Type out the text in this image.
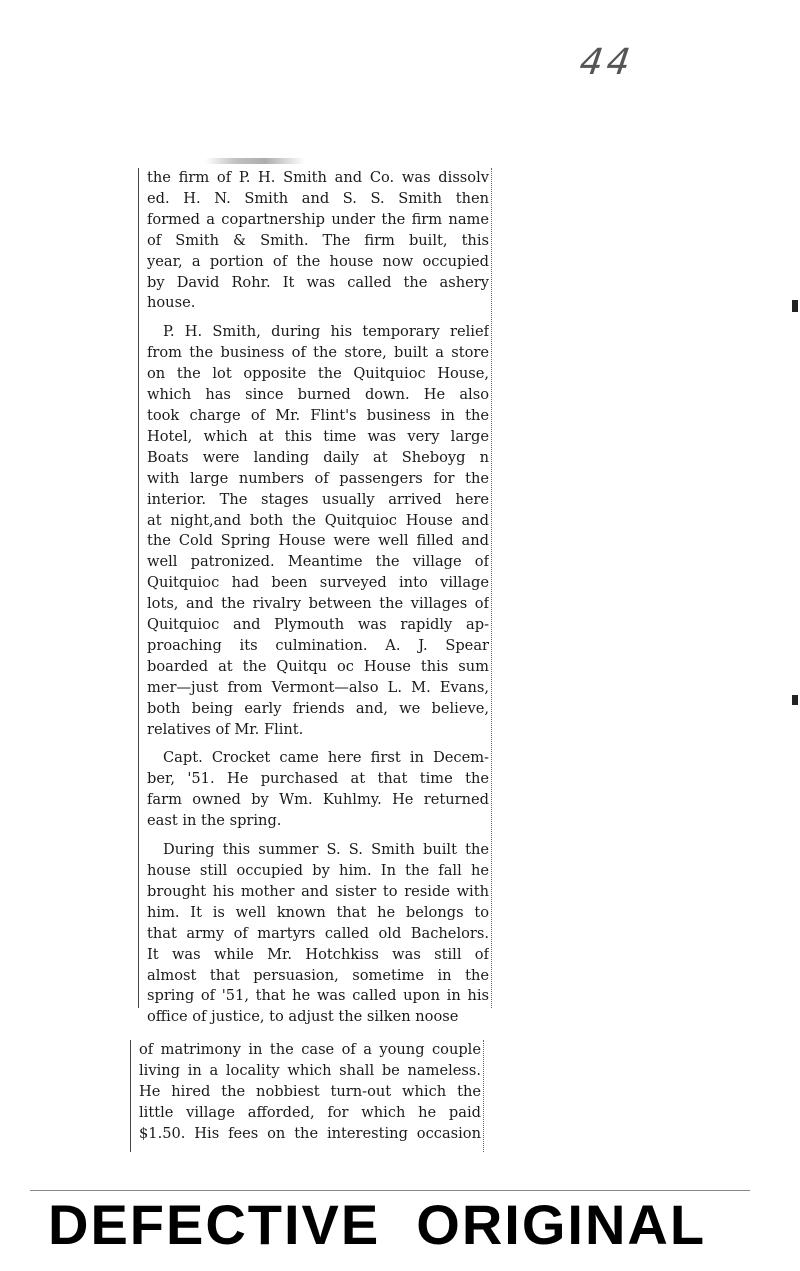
44

the firm of P. H. Smith and Co. was dissolv
ed. H. N. Smith and S. S. Smith then
formed a copartnership under the firm name
of Smith & Smith. The firm built, this
year, a portion of the house now occupied
by David Rohr. It was called the ashery
house.

P. H. Smith, during his temporary relief
from the business of the store, built a store
on the lot opposite the Quitquioc House,
which has since burned down. He also
took charge of Mr. Flint's business in the
Hotel, which at this time was very large
Boats were landing daily at Sheboyg n
with large numbers of passengers for the
interior. The stages usually arrived here
at night,and both the Quitquioc House and
the Cold Spring House were well filled and
well patronized. Meantime the village of
Quitquioc had been surveyed into village
lots, and the rivalry between the villages of
Quitquioc and Plymouth was rapidly ap-
proaching its culmination. A. J. Spear
boarded at the Quitqu oc House this sum
mer—just from Vermont—also L. M. Evans,
both being early friends and, we believe,
relatives of Mr. Flint.

Capt. Crocket came here first in Decem-
ber, '51. He purchased at that time the
farm owned by Wm. Kuhlmy. He returned
east in the spring.

During this summer S. S. Smith built the
house still occupied by him. In the fall he
brought his mother and sister to reside with
him. It is well known that he belongs to
that army of martyrs called old Bachelors.
It was while Mr. Hotchkiss was still of
almost that persuasion, sometime in the
spring of '51, that he was called upon in his
office of justice, to adjust the silken noose

of matrimony in the case of a young couple
living in a locality which shall be nameless.
He hired the nobbiest turn-out which the
little village afforded, for which he paid
$1.50. His fees on the interesting occasion

DEFECTIVE ORIGINAL
